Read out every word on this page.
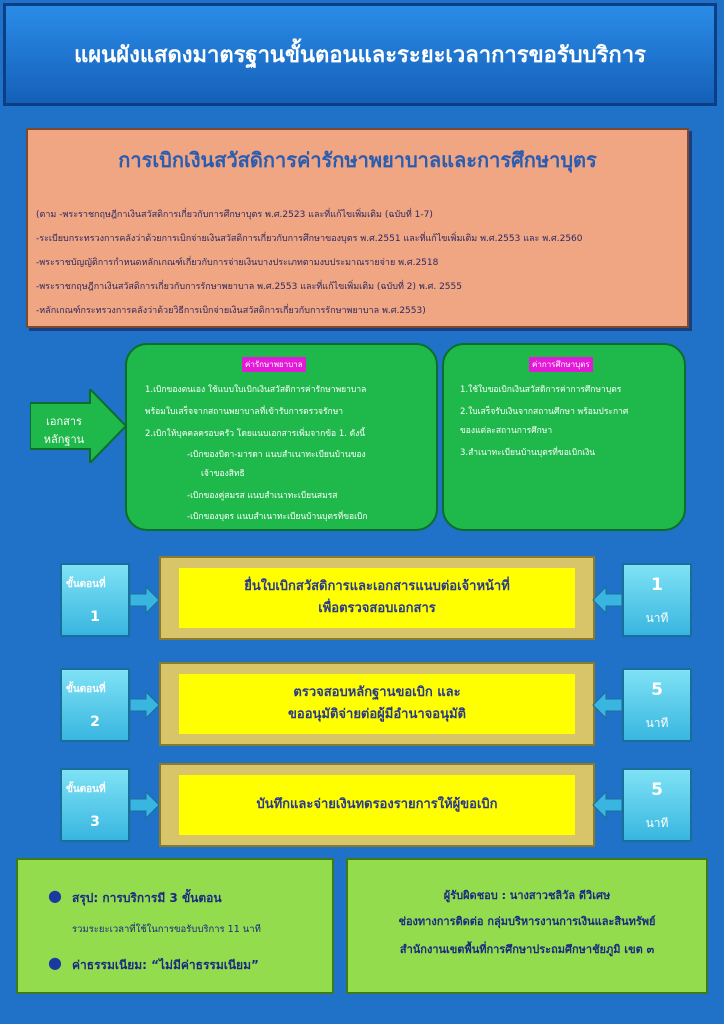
แผนผังแสดงมาตรฐานขั้นตอนและระยะเวลาการขอรับบริการ
การเบิกเงินสวัสดิการค่ารักษาพยาบาลและการศึกษาบุตร
(ตาม -พระราชกฤษฎีกาเงินสวัสดิการเกี่ยวกับการศึกษาบุตร พ.ศ.2523 และที่แก้ไขเพิ่มเติม (ฉบับที่ 1-7)
-ระเบียบกระทรวงการคลังว่าด้วยการเบิกจ่ายเงินสวัสดิการเกี่ยวกับการศึกษาของบุตร พ.ศ.2551 และที่แก้ไขเพิ่มเติม พ.ศ.2553 และ พ.ศ.2560
-พระราชบัญญัติการกำหนดหลักเกณฑ์เกี่ยวกับการจ่ายเงินบางประเภทตามงบประมาณรายจ่าย พ.ศ.2518
-พระราชกฤษฎีกาเงินสวัสดิการเกี่ยวกับการรักษาพยาบาล พ.ศ.2553 และที่แก้ไขเพิ่มเติม (ฉบับที่ 2) พ.ศ. 2555
-หลักเกณฑ์กระทรวงการคลังว่าด้วยวิธีการเบิกจ่ายเงินสวัสดิการเกี่ยวกับการรักษาพยาบาล พ.ศ.2553)
เอกสาร
หลักฐาน
ค่ารักษาพยาบาล
1.เบิกของตนเอง ใช้แบบใบเบิกเงินสวัสดิการค่ารักษาพยาบาล
พร้อมใบเสร็จจากสถานพยาบาลที่เข้ารับการตรวจรักษา
2.เบิกให้บุคคลครอบครัว โดยแนบเอกสารเพิ่มจากข้อ 1. ดังนี้
-เบิกของบิดา-มารดา แนบสำเนาทะเบียนบ้านของ
เจ้าของสิทธิ
-เบิกของคู่สมรส แนบสำเนาทะเบียนสมรส
-เบิกของบุตร แนบสำเนาทะเบียนบ้านบุตรที่ขอเบิก
ค่าการศึกษาบุตร
1.ใช้ใบขอเบิกเงินสวัสดิการค่าการศึกษาบุตร
2.ใบเสร็จรับเงินจากสถานศึกษา พร้อมประกาศ
ของแต่ละสถานการศึกษา
3.สำเนาทะเบียนบ้านบุตรที่ขอเบิกเงิน
ขั้นตอนที่
1
ยื่นใบเบิกสวัสดิการและเอกสารแนบต่อเจ้าหน้าที่
เพื่อตรวจสอบเอกสาร
1
นาที
ขั้นตอนที่
2
ตรวจสอบหลักฐานขอเบิก และ
ขออนุมัติจ่ายต่อผู้มีอำนาจอนุมัติ
5
นาที
ขั้นตอนที่
3
บันทึกและจ่ายเงินทดรองรายการให้ผู้ขอเบิก
5
นาที
● สรุป: การบริการมี 3 ขั้นตอน
รวมระยะเวลาที่ใช้ในการขอรับบริการ 11 นาที
● ค่าธรรมเนียม: “ไม่มีค่าธรรมเนียม”
ผู้รับผิดชอบ : นางสาวชลิวัล ดีวิเศษ
ช่องทางการติดต่อ กลุ่มบริหารงานการเงินและสินทรัพย์
สำนักงานเขตพื้นที่การศึกษาประถมศึกษาชัยภูมิ เขต ๓
